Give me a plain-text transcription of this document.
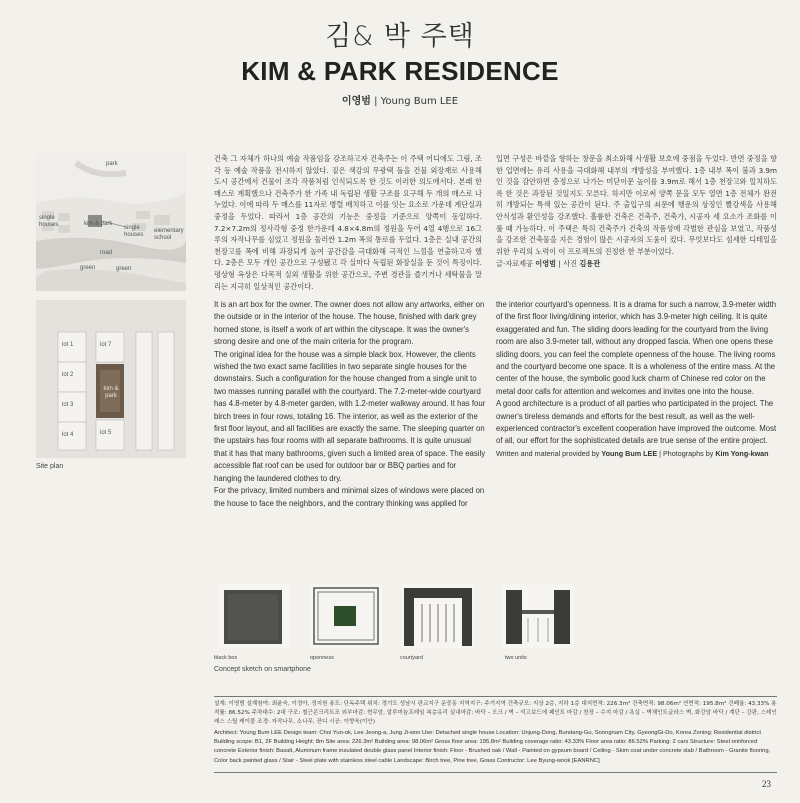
김& 박 주택
KIM & PARK RESIDENCE
이영범 | Young Bum LEE
park
single houses	kim & park
single houses
elementary school
road
green	green
lot 1
lot 2
lot 3
lot 4
lot 7
lot 5
kim & park
Site plan

건축 그 자체가 하나의 예술 작품임을 강조하고자 건축주는 이 주택 어디에도 그림, 조각 등 예술 작품을 전시하지 않았다. 짙은 색감의 무광택 돌을 건물 외장재로 사용해 도시 공간에서 건물이 조각 작품처럼 인식되도록 한 것도 이러한 의도에서다. 본래 한 매스로 계획했으나 건축주가 한 가족 내 독립된 생활 구조를 요구해 두 개의 매스로 나누었다. 이에 따라 두 매스를 11자로 병렬 배치하고 이를 잇는 요소로 가운데 계단실과 중정을 두었다. 따라서 1층 공간의 기능은 중정을 기준으로 양쪽이 동일하다. 7.2×7.2m의 정사각형 중정 한가운데 4.8×4.8m의 정원을 두어 4열 4행으로 16그루의 자작나무를 심었고 정원을 둘러싼 1.2m 폭의 통로를 두었다. 1층은 실내 공간의 천장고를 폭에 비해 과장되게 높여 공간감을 극대화해 극적인 느낌을 연출하고자 했다. 2층은 모두 개인 공간으로 구성됐고 각 실마다 독립된 화장실을 둔 것이 특징이다. 평상형 옥상은 다목적 실외 생활을 위한 공간으로, 주변 경관을 즐기거나 세탁물을 말리는 지극히 일상적인 공간이다.

입면 구성은 바깥을 향하는 창문을 최소화해 사생활 보호에 중점을 두었다. 반면 중정을 향한 입면에는 유리 사용을 극대화해 내부의 개방성을 부여했다. 1층 내부 폭이 불과 3.9m인 것을 감안하면 층정으로 나가는 미닫이문 높이를 3.9m로 해서 1층 천장고와 일치하도록 한 것은 과장된 것일지도 모른다. 하지만 이로써 양쪽 문을 모두 열면 1층 전체가 완전히 개방되는 특색 있는 공간이 된다. 주 출입구의 쇠문에 행운의 상징인 빨강색을 사용해 안식성과 환인성을 강조했다. 훌륭한 건축은 건축주, 건축가, 시공자 세 요소가 조화를 이룰 때 가능하다. 이 주택은 특히 건축주가 건축의 작품성에 각별한 관심을 보였고, 작품성을 강조한 건축물을 지은 경험이 많은 시공자의 도움이 컸다. 무엇보다도 섬세한 디테일을 위한 우리의 노력이 이 프로젝트의 진정한 한 부분이었다.

글·자료제공 이영범 | 사진 김용관

It is an art box for the owner. The owner does not allow any artworks, either on the outside or in the interior of the house. The house, finished with dark grey horned stone, is itself a work of art within the cityscape. It was the owner's strong desire and one of the main criteria for the program.

The original idea for the house was a simple black box. However, the clients wished the two exact same facilities in two separate single houses for the downstairs. Such a configuration for the house changed from a single unit to two masses running parallel with the courtyard. The 7.2-meter-wide courtyard has 4.8-meter by 4.8-meter garden, with 1.2-meter walkway around. It has four birch trees in four rows, totaling 16. The interior, as well as the exterior of the first floor layout, and all facilities are exactly the same. The sleeping quarter on the upstairs has four rooms with all separate bathrooms. It is quite unusual that it has that many bathrooms, given such a limited area of space. The easily accessible flat roof can be used for outdoor bar or BBQ parties and for hanging the laundered clothes to dry.

For the privacy, limited numbers and minimal sizes of windows were placed on the house to face the neighbors, and the contrary thinking was applied for

the interior courtyard's openness. It is a drama for such a narrow, 3.9-meter width of the first floor living/dining interior, which has 3.9-meter high ceiling. It is quite exaggerated and fun. The sliding doors leading for the courtyard from the living room are also 3.9-meter tall, without any dropped fascia. When one opens these sliding doors, you can feel the complete openness of the house. The living rooms and the courtyard become one space. It is a wholeness of the entire mass. At the center of the house, the symbolic good luck charm of Chinese red color on the metal door calls for attention and welcomes and invites one into the house.

A good architecture is a product of all parties who participated in the project. The owner's tireless demands and efforts for the best result, as well as the well-experienced contractor's excellent cooperation have improved the outcome. Most of all, our effort for the sophisticated details are true sense of the entire project.

Written and material provided by Young Bum LEE | Photographs by Kim Yong-kwan

black box	openness	courtyard	two units
Concept sketch on smartphone
설계: 이영범 설계참여: 최윤숙, 이정아, 정지원 용도: 단독주택 위치: 경기도 성남시 판교지구 운중동 지역지구: 주거지역 건축규모: 지상 2층, 지하 1층 대지면적: 226.3m² 건축면적: 98.06m² 연면적: 195.8m² 건폐율: 43.33% 용적률: 86.52% 주차대수: 2대 구조: 철근콘크리트조 외부마감: 현무암, 알루미늄프레임 복층유리 실내마감: 바닥 – 오크 / 벽 – 석고보드에 페인트 마감 / 천장 – 수지 마감 / 욕실 – 벽체인트글라스 벽, 화강암 바닥 / 계단 – 강판, 스테인레스 스틸 케이블 조경: 자작나무, 소나무, 잔디 시공: 이향욱(이안)
Architect: Young Bum LEE Design team: Choi Yun-ok, Lee Jeong-a, Jung Ji-won Use: Detached single house Location: Unjung-Dong, Bundang-Gu, Soongnam City, GyeongGi-Do, Korea Zoning: Residential district Building scope: B1, 2F Building Height: 8m Site area: 226.3m² Building area: 98.06m² Gross floor area: 195.8m² Building coverage ratio: 43.33% Floor area ratio: 86.52% Parking: 2 cars Structure: Steel reinforced concrete Exterior finish: Basalt, Aluminum frame insulated double glass panel Interior finish: Floor - Brushed oak / Wall - Painted on gypsum board / Ceiling - Skim coat under concrete slab / Bathroom - Granite flooring, Color back painted glass / Stair - Steel plate with stainless steel cable Landscape: Birch tree, Pine tree, Grass Contructor: Lee Byung-wook [EANRNC]
23
